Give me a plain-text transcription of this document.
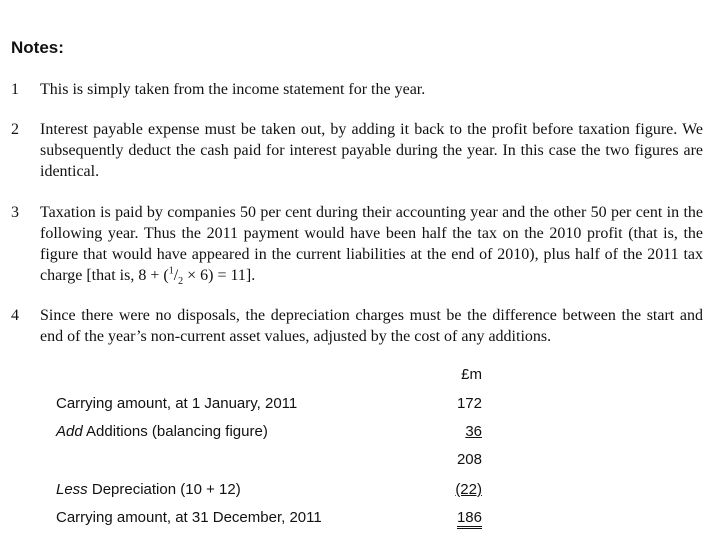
Notes:
1 This is simply taken from the income statement for the year.
2 Interest payable expense must be taken out, by adding it back to the profit before taxation figure. We subsequently deduct the cash paid for interest payable during the year. In this case the two figures are identical.
3 Taxation is paid by companies 50 per cent during their accounting year and the other 50 per cent in the following year. Thus the 2011 payment would have been half the tax on the 2010 profit (that is, the figure that would have appeared in the current liabilities at the end of 2010), plus half of the 2011 tax charge [that is, $8 + (^1/_2 \times 6) = 11$].
4 Since there were no disposals, the depreciation charges must be the difference between the start and end of the year’s non-current asset values, adjusted by the cost of any additions.
£m
Carrying amount, at 1 January, 2011	172
Add Additions (balancing figure)	36
208
Less Depreciation (10 + 12)	(22)
Carrying amount, at 31 December, 2011	186
